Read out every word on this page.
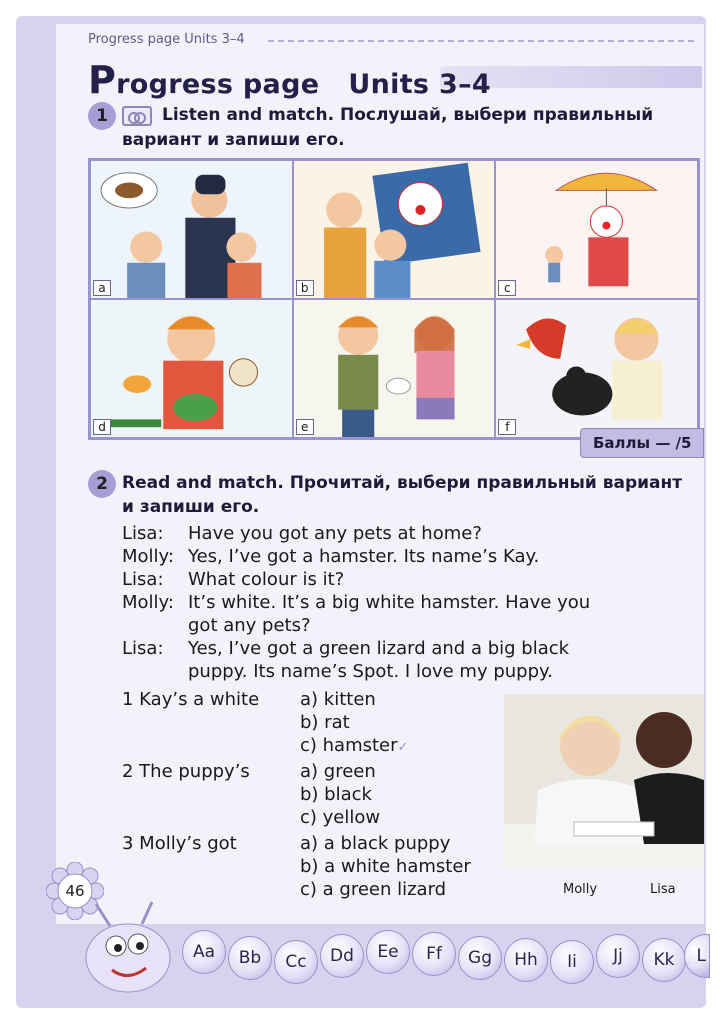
Progress page Units 3–4
Progress page Units 3–4
1	Listen and match. Послушай, выбери правильный
вариант и запиши его.
a	b	c
d	e	f
Баллы — /5
2 Read and match. Прочитай, выбери правильный вариант
и запиши его.
Lisa:	Have you got any pets at home?
Molly: Yes, I’ve got a hamster. Its name’s Kay.
Lisa:	What colour is it?
Molly: It’s white. It’s a big white hamster. Have you
got any pets?
Lisa:	Yes, I’ve got a green lizard and a big black
puppy. Its name’s Spot. I love my puppy.
1 Kay’s a white	a) kitten
b) rat
c) hamster✓
2 The puppy’s	a) green
b) black
c) yellow
3 Molly’s got	a) a black puppy
b) a white hamster
c) a green lizard	Molly	Lisa
46
Aa	Bb	Cc	Dd	Ee	Ff	Gg	Hh	Ii	Jj	Kk	L
